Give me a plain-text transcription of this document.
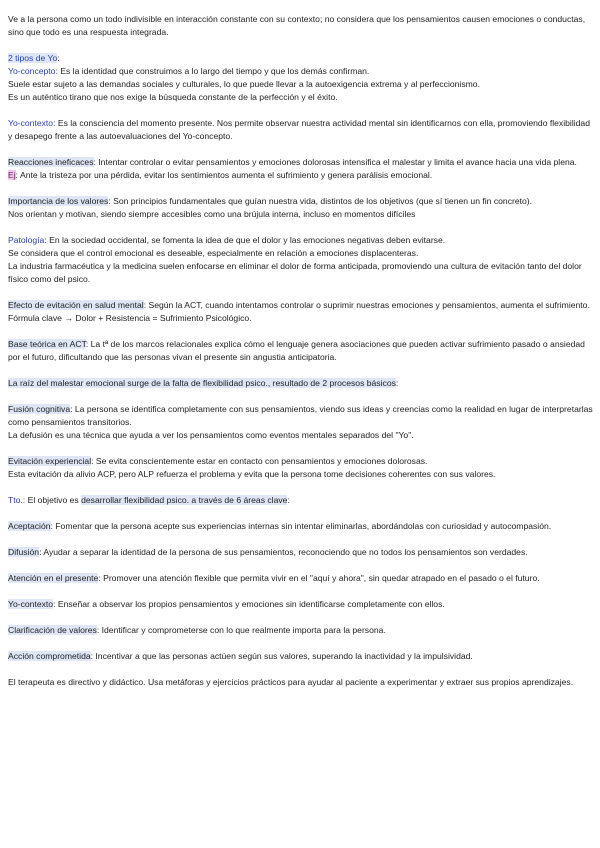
Ve a la persona como un todo indivisible en interacción constante con su contexto; no considera que los pensamientos causen emociones o conductas, sino que todo es una respuesta integrada.

2 tipos de Yo:

Yo-concepto: Es la identidad que construimos a lo largo del tiempo y que los demás confirman.

Suele estar sujeto a las demandas sociales y culturales, lo que puede llevar a la autoexigencia extrema y al perfeccionismo.

Es un auténtico tirano que nos exige la búsqueda constante de la perfección y el éxito.

Yo-contexto: Es la consciencia del momento presente. Nos permite observar nuestra actividad mental sin identificarnos con ella, promoviendo flexibilidad y desapego frente a las autoevaluaciones del Yo-concepto.

Reacciones ineficaces: Intentar controlar o evitar pensamientos y emociones dolorosas intensifica el malestar y limita el avance hacia una vida plena.

Ej: Ante la tristeza por una pérdida, evitar los sentimientos aumenta el sufrimiento y genera parálisis emocional.

Importancia de los valores: Son principios fundamentales que guían nuestra vida, distintos de los objetivos (que sí tienen un fin concreto).

Nos orientan y motivan, siendo siempre accesibles como una brújula interna, incluso en momentos difíciles

Patología: En la sociedad occidental, se fomenta la idea de que el dolor y las emociones negativas deben evitarse.

Se considera que el control emocional es deseable, especialmente en relación a emociones displacenteras.

La industria farmacéutica y la medicina suelen enfocarse en eliminar el dolor de forma anticipada, promoviendo una cultura de evitación tanto del dolor físico como del psico.

Efecto de evitación en salud mental: Según la ACT, cuando intentamos controlar o suprimir nuestras emociones y pensamientos, aumenta el sufrimiento.

Fórmula clave → Dolor + Resistencia = Sufrimiento Psicológico.

Base teórica en ACT: La tª de los marcos relacionales explica cómo el lenguaje genera asociaciones que pueden activar sufrimiento pasado o ansiedad por el futuro, dificultando que las personas vivan el presente sin angustia anticipatoria.

La raíz del malestar emocional surge de la falta de flexibilidad psico., resultado de 2 procesos básicos:

Fusión cognitiva: La persona se identifica completamente con sus pensamientos, viendo sus ideas y creencias como la realidad en lugar de interpretarlas como pensamientos transitorios.

La defusión es una técnica que ayuda a ver los pensamientos como eventos mentales separados del "Yo".

Evitación experiencial: Se evita conscientemente estar en contacto con pensamientos y emociones dolorosas.

Esta evitación da alivio ACP, pero ALP refuerza el problema y evita que la persona tome decisiones coherentes con sus valores.

Tto.: El objetivo es desarrollar flexibilidad psico. a través de 6 áreas clave:

Aceptación: Fomentar que la persona acepte sus experiencias internas sin intentar eliminarlas, abordándolas con curiosidad y autocompasión.

Difusión: Ayudar a separar la identidad de la persona de sus pensamientos, reconociendo que no todos los pensamientos son verdades.

Atención en el presente: Promover una atención flexible que permita vivir en el "aquí y ahora", sin quedar atrapado en el pasado o el futuro.

Yo-contexto: Enseñar a observar los propios pensamientos y emociones sin identificarse completamente con ellos.

Clarificación de valores: Identificar y comprometerse con lo que realmente importa para la persona.

Acción comprometida: Incentivar a que las personas actúen según sus valores, superando la inactividad y la impulsividad.

El terapeuta es directivo y didáctico. Usa metáforas y ejercicios prácticos para ayudar al paciente a experimentar y extraer sus propios aprendizajes.
